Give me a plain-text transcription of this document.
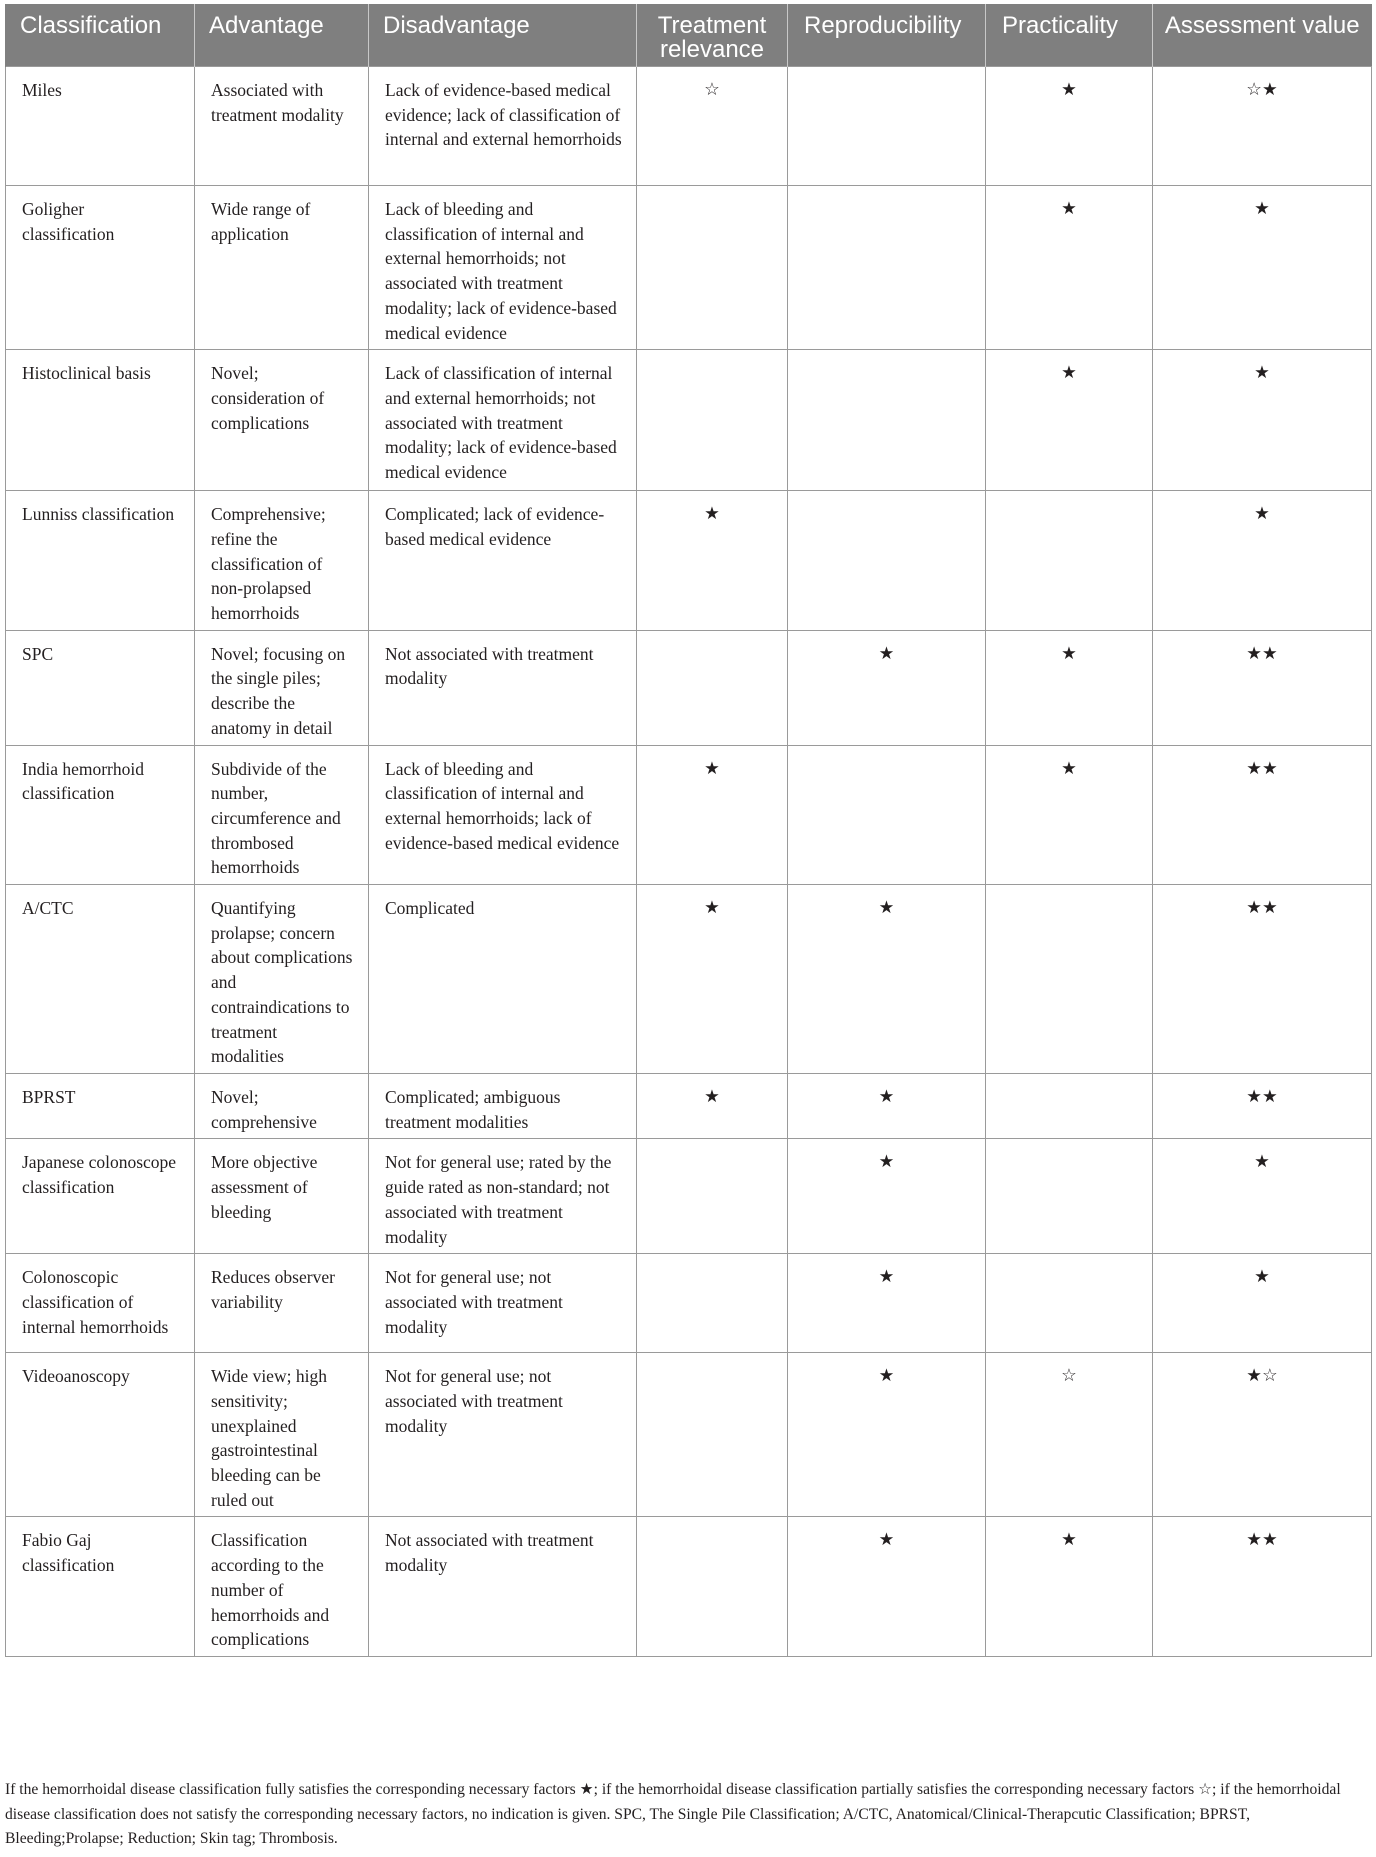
Classification	Advantage	Disadvantage	Treatment relevance	Reproducibility	Practicality	Assessment value
Miles	Associated with treatment modality	Lack of evidence-based medical evidence; lack of classification of internal and external hemorrhoids	☆		★	☆★
Goligher classification	Wide range of application	Lack of bleeding and classification of internal and external hemorrhoids; not associated with treatment modality; lack of evidence-based medical evidence			★	★
Histoclinical basis	Novel; consideration of complications	Lack of classification of internal and external hemorrhoids; not associated with treatment modality; lack of evidence-based medical evidence			★	★
Lunniss classification	Comprehensive; refine the classification of non-prolapsed hemorrhoids	Complicated; lack of evidence-based medical evidence	★			★
SPC	Novel; focusing on the single piles; describe the anatomy in detail	Not associated with treatment modality		★	★	★★
India hemorrhoid classification	Subdivide of the number, circumference and thrombosed hemorrhoids	Lack of bleeding and classification of internal and external hemorrhoids; lack of evidence-based medical evidence	★		★	★★
A/CTC	Quantifying prolapse; concern about complications and contraindications to treatment modalities	Complicated	★	★		★★
BPRST	Novel; comprehensive	Complicated; ambiguous treatment modalities	★	★		★★
Japanese colonoscope classification	More objective assessment of bleeding	Not for general use; rated by the guide rated as non-standard; not associated with treatment modality		★		★
Colonoscopic classification of internal hemorrhoids	Reduces observer variability	Not for general use; not associated with treatment modality		★		★
Videoanoscopy	Wide view; high sensitivity; unexplained gastrointestinal bleeding can be ruled out	Not for general use; not associated with treatment modality		★	☆	★☆
Fabio Gaj classification	Classification according to the number of hemorrhoids and complications	Not associated with treatment modality		★	★	★★
If the hemorrhoidal disease classification fully satisfies the corresponding necessary factors ★; if the hemorrhoidal disease classification partially satisfies the corresponding necessary factors ☆; if the hemorrhoidal disease classification does not satisfy the corresponding necessary factors, no indication is given. SPC, The Single Pile Classification; A/CTC, Anatomical/Clinical-Therapcutic Classification; BPRST, Bleeding;Prolapse; Reduction; Skin tag; Thrombosis.
